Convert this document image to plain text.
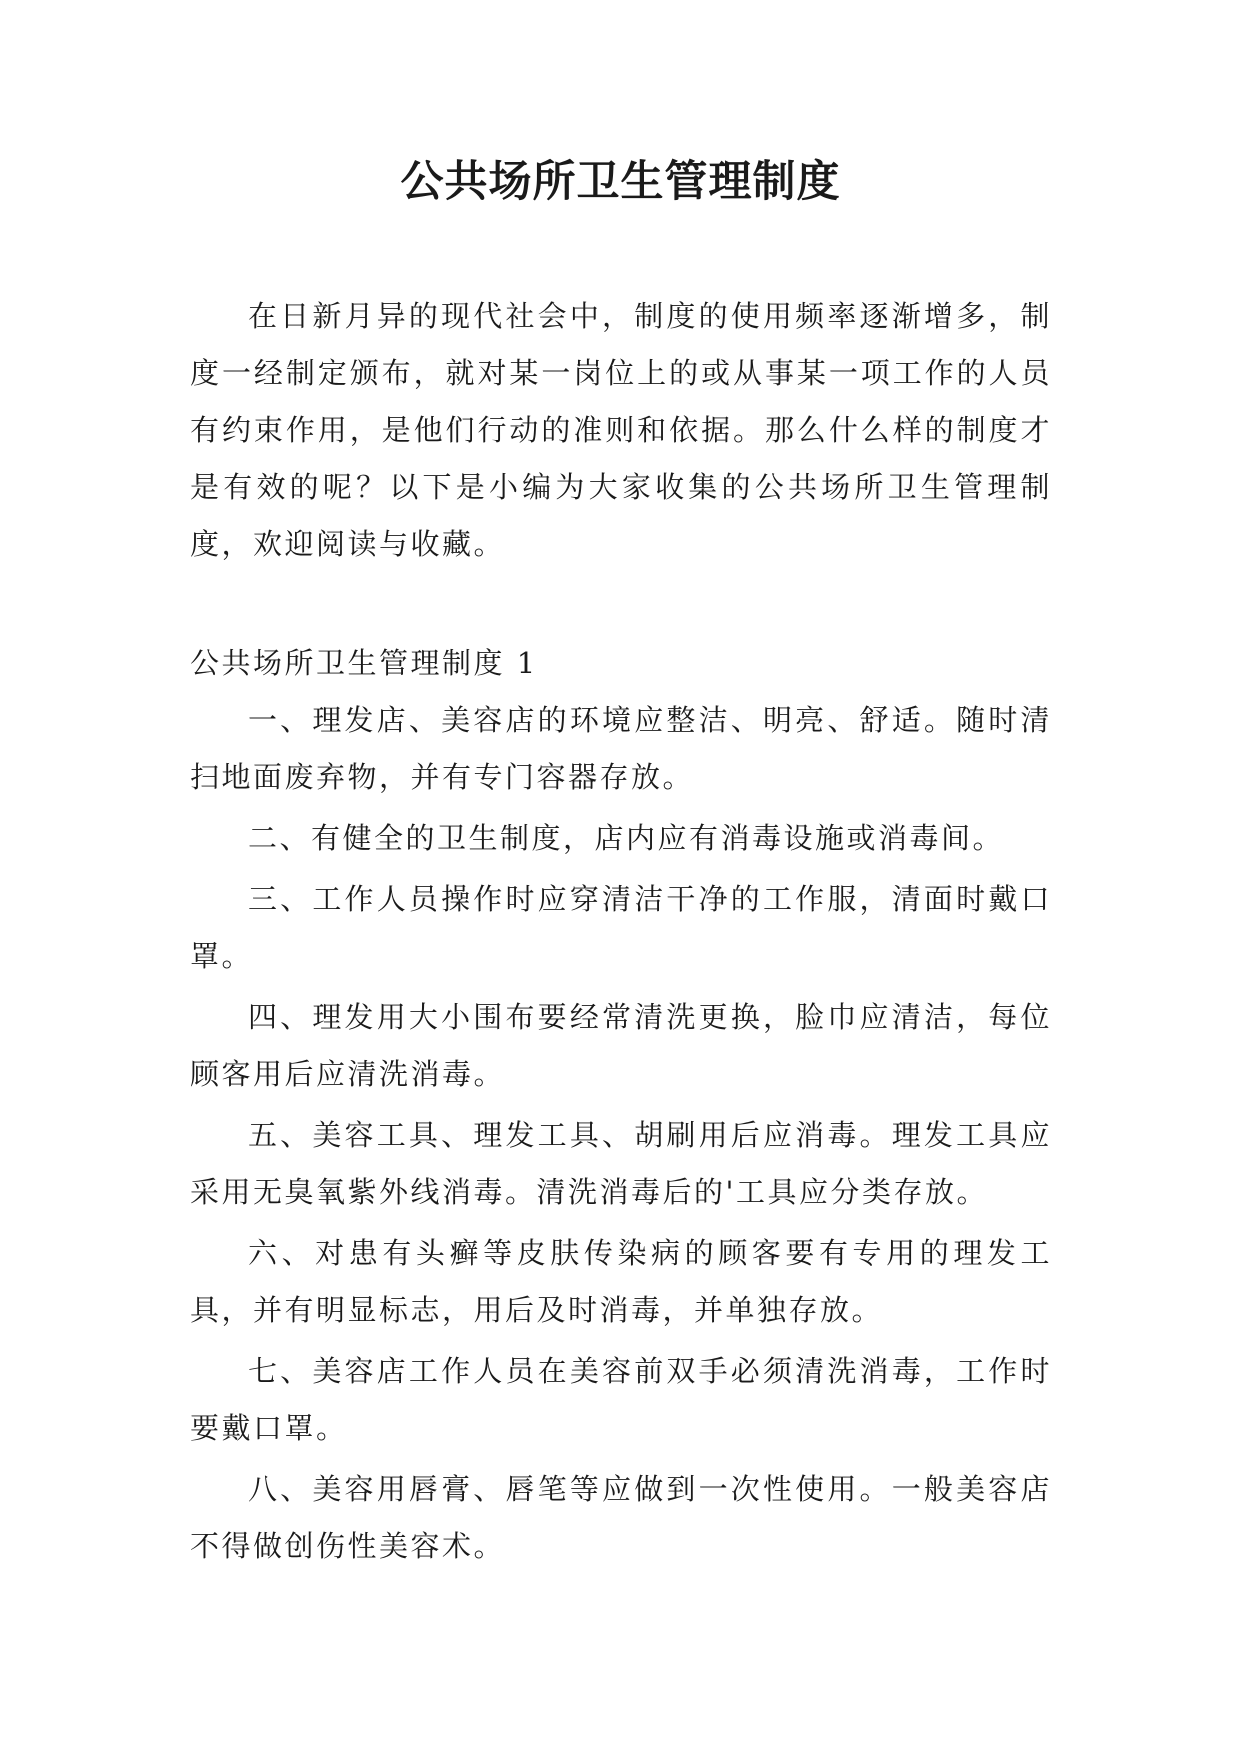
公共场所卫生管理制度

在日新月异的现代社会中，制度的使用频率逐渐增多，制度一经制定颁布，就对某一岗位上的或从事某一项工作的人员有约束作用，是他们行动的准则和依据。那么什么样的制度才是有效的呢？以下是小编为大家收集的公共场所卫生管理制度，欢迎阅读与收藏。

公共场所卫生管理制度 1

一、理发店、美容店的环境应整洁、明亮、舒适。随时清扫地面废弃物，并有专门容器存放。

二、有健全的卫生制度，店内应有消毒设施或消毒间。

三、工作人员操作时应穿清洁干净的工作服，清面时戴口罩。

四、理发用大小围布要经常清洗更换，脸巾应清洁，每位顾客用后应清洗消毒。

五、美容工具、理发工具、胡刷用后应消毒。理发工具应采用无臭氧紫外线消毒。清洗消毒后的'工具应分类存放。

六、对患有头癣等皮肤传染病的顾客要有专用的理发工具，并有明显标志，用后及时消毒，并单独存放。

七、美容店工作人员在美容前双手必须清洗消毒，工作时要戴口罩。

八、美容用唇膏、唇笔等应做到一次性使用。一般美容店不得做创伤性美容术。
